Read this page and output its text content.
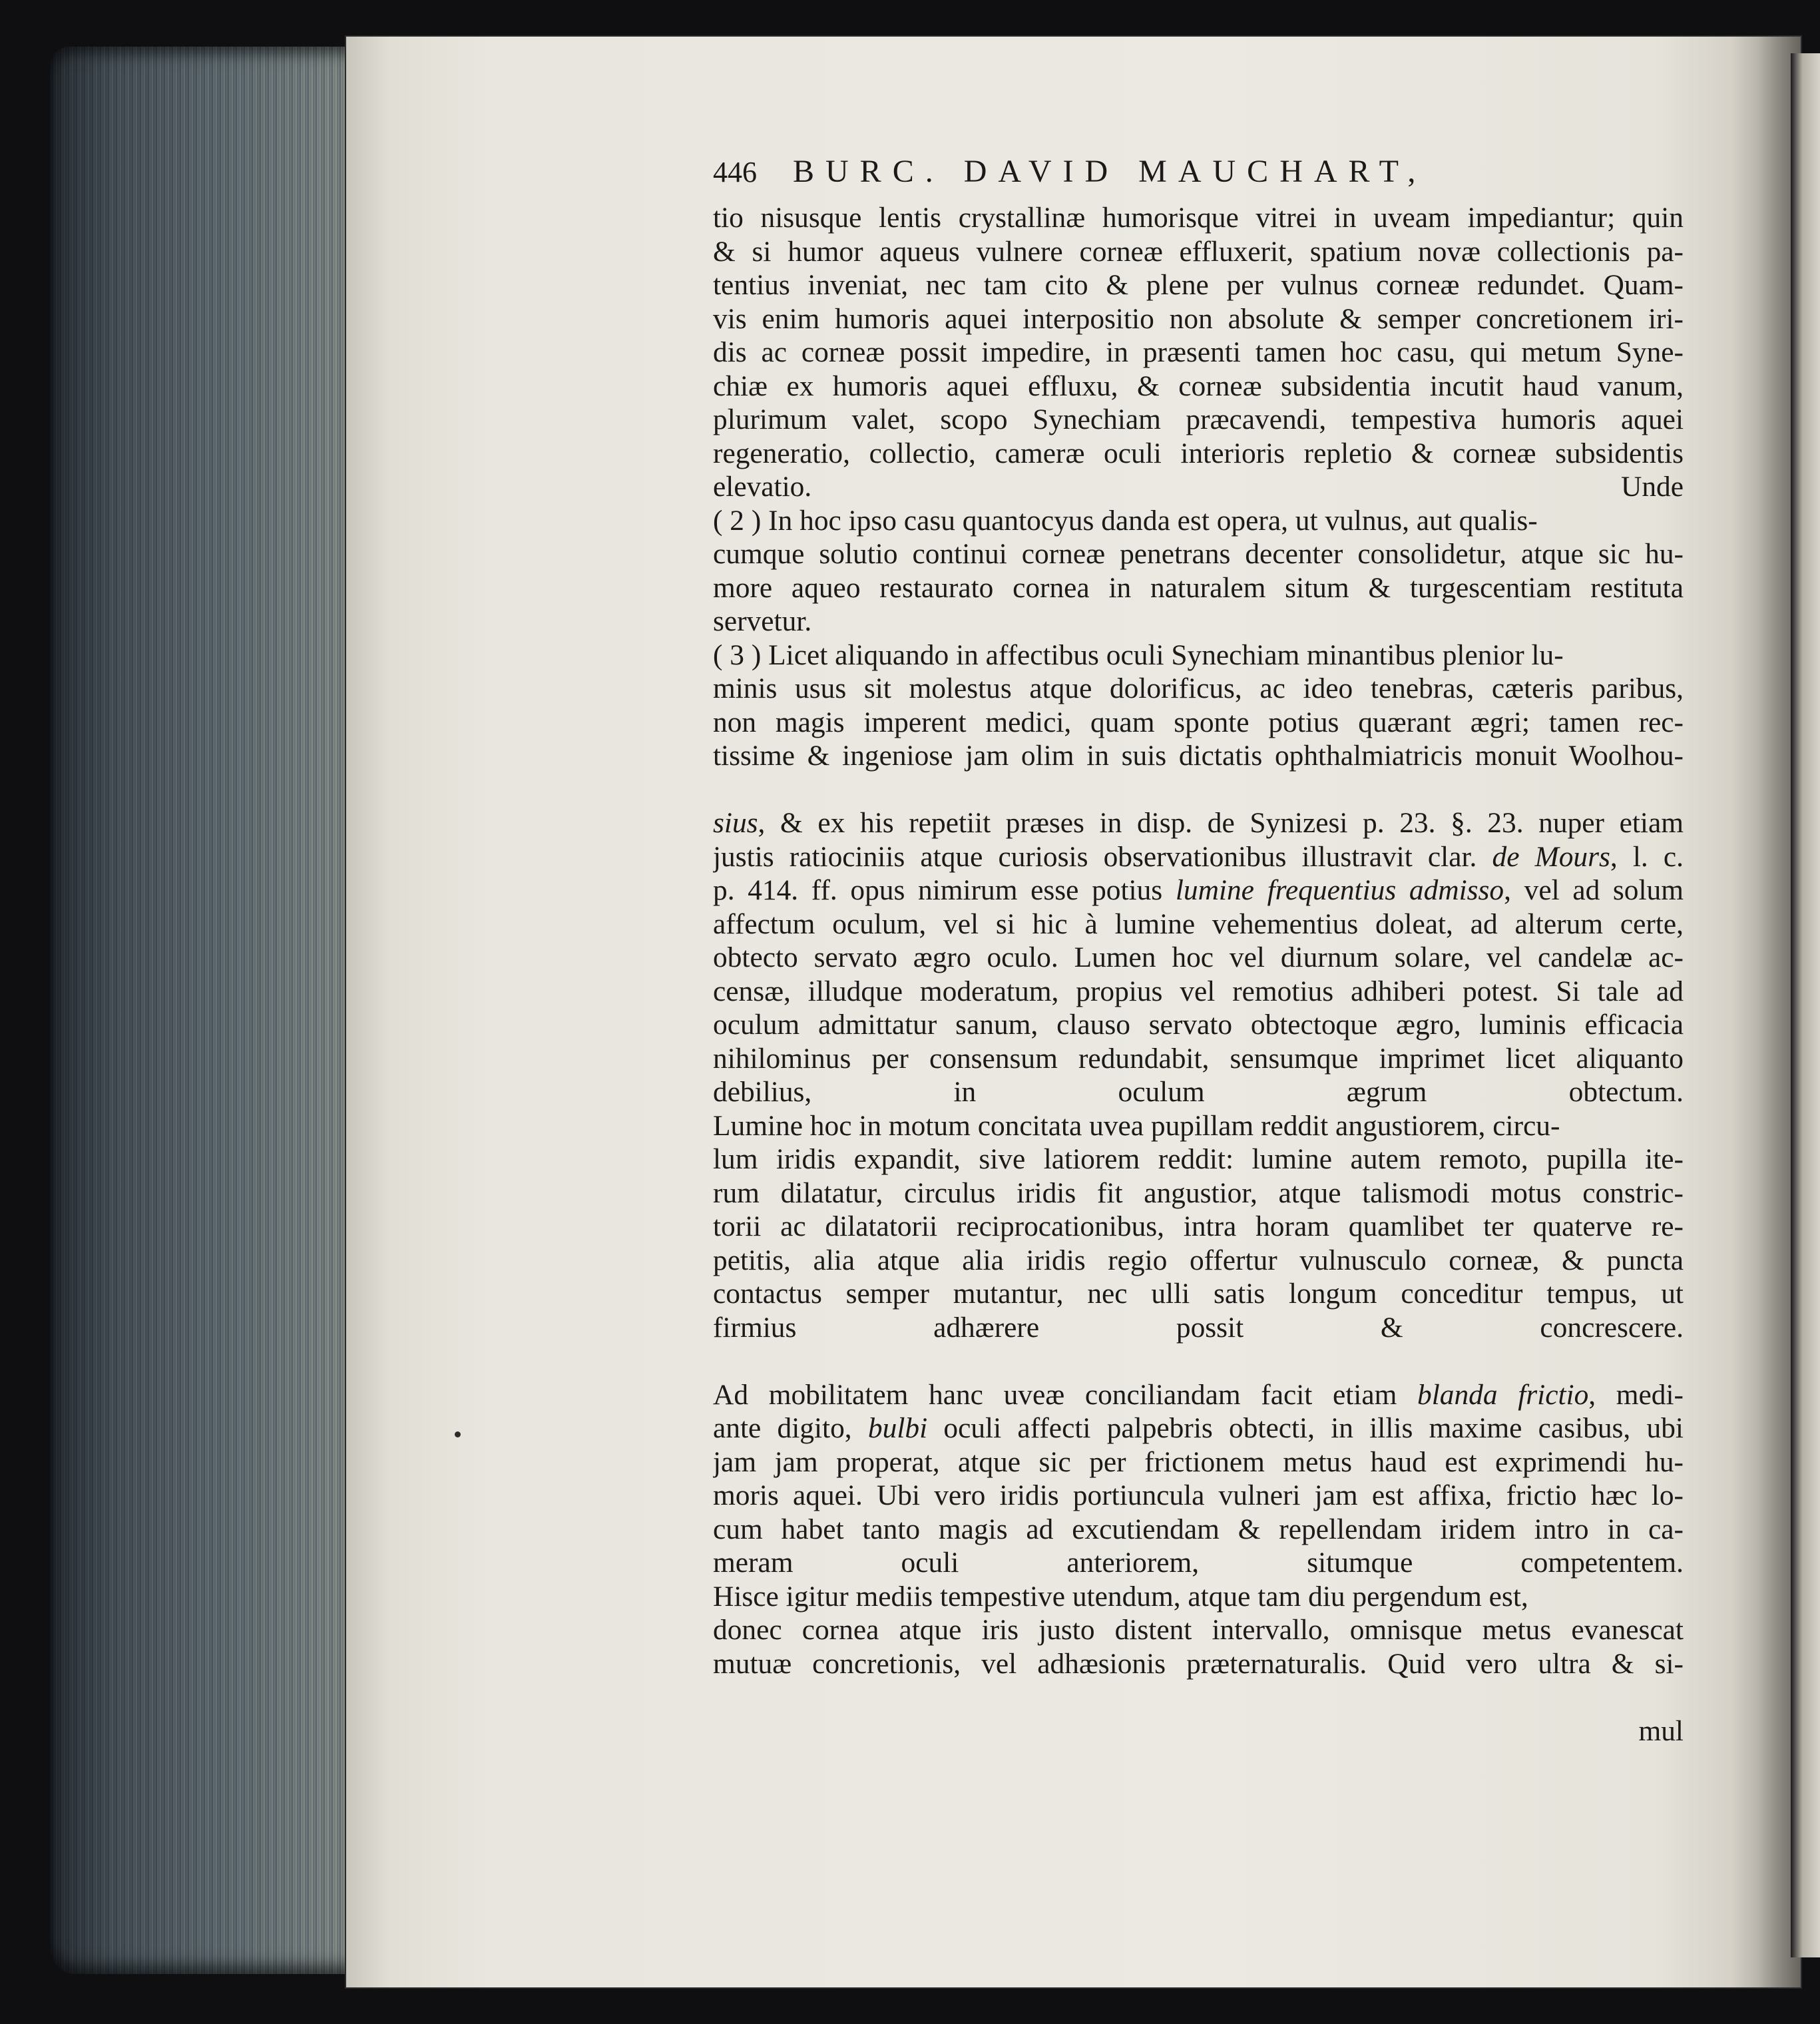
446	BURC. DAVID MAUCHART,
tio nisusque lentis crystallinæ humorisque vitrei in uveam impediantur; quin
& si humor aqueus vulnere corneæ effluxerit, spatium novæ collectionis pa-
tentius inveniat, nec tam cito & plene per vulnus corneæ redundet. Quam-
vis enim humoris aquei interpositio non absolute & semper concretionem iri-
dis ac corneæ possit impedire, in præsenti tamen hoc casu, qui metum Syne-
chiæ ex humoris aquei effluxu, & corneæ subsidentia incutit haud vanum,
plurimum valet, scopo Synechiam præcavendi, tempestiva humoris aquei
regeneratio, collectio, cameræ oculi interioris repletio & corneæ subsidentis
elevatio. Unde
( 2 ) In hoc ipso casu quantocyus danda est opera, ut vulnus, aut qualis-
cumque solutio continui corneæ penetrans decenter consolidetur, atque sic hu-
more aqueo restaurato cornea in naturalem situm & turgescentiam restituta
servetur.
( 3 ) Licet aliquando in affectibus oculi Synechiam minantibus plenior lu-
minis usus sit molestus atque dolorificus, ac ideo tenebras, cæteris paribus,
non magis imperent medici, quam sponte potius quærant ægri; tamen rec-
tissime & ingeniose jam olim in suis dictatis ophthalmiatricis monuit Woolhou-
sius, & ex his repetiit præses in disp. de Synizesi p. 23. §. 23. nuper etiam
justis ratiociniis atque curiosis observationibus illustravit clar. de Mours, l. c.
p. 414. ff. opus nimirum esse potius lumine frequentius admisso, vel ad solum
affectum oculum, vel si hic à lumine vehementius doleat, ad alterum certe,
obtecto servato ægro oculo. Lumen hoc vel diurnum solare, vel candelæ ac-
censæ, illudque moderatum, propius vel remotius adhiberi potest. Si tale ad
oculum admittatur sanum, clauso servato obtectoque ægro, luminis efficacia
nihilominus per consensum redundabit, sensumque imprimet licet aliquanto
debilius, in oculum ægrum obtectum.
Lumine hoc in motum concitata uvea pupillam reddit angustiorem, circu-
lum iridis expandit, sive latiorem reddit: lumine autem remoto, pupilla ite-
rum dilatatur, circulus iridis fit angustior, atque talismodi motus constric-
torii ac dilatatorii reciprocationibus, intra horam quamlibet ter quaterve re-
petitis, alia atque alia iridis regio offertur vulnusculo corneæ, & puncta
contactus semper mutantur, nec ulli satis longum conceditur tempus, ut
firmius adhærere possit & concrescere.
Ad mobilitatem hanc uveæ conciliandam facit etiam blanda frictio, medi-
ante digito, bulbi oculi affecti palpebris obtecti, in illis maxime casibus, ubi
jam jam properat, atque sic per frictionem metus haud est exprimendi hu-
moris aquei. Ubi vero iridis portiuncula vulneri jam est affixa, frictio hæc lo-
cum habet tanto magis ad excutiendam & repellendam iridem intro in ca-
meram oculi anteriorem, situmque competentem.
Hisce igitur mediis tempestive utendum, atque tam diu pergendum est,
donec cornea atque iris justo distent intervallo, omnisque metus evanescat
mutuæ concretionis, vel adhæsionis præternaturalis. Quid vero ultra & si-
mul
